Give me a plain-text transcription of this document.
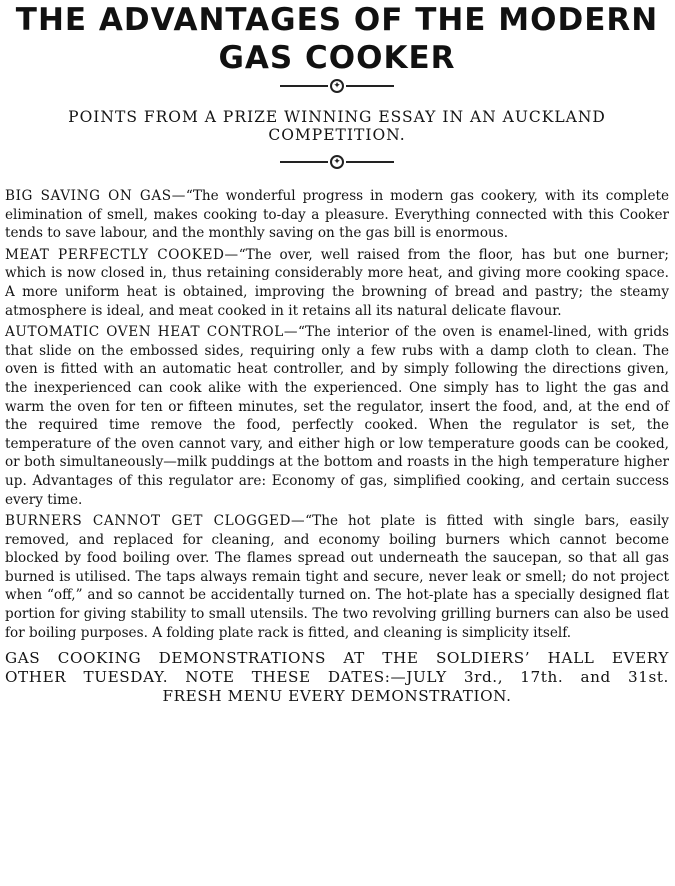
THE ADVANTAGES OF THE MODERN
GAS COOKER
✦

POINTS FROM A PRIZE WINNING ESSAY IN AN AUCKLAND COMPETITION.

✦

BIG SAVING ON GAS—“The wonderful progress in modern gas cookery, with its complete elimination of smell, makes cooking to-day a pleasure. Everything connected with this Cooker tends to save labour, and the monthly saving on the gas bill is enormous.

MEAT PERFECTLY COOKED—“The over, well raised from the floor, has but one burner; which is now closed in, thus retaining considerably more heat, and giving more cooking space. A more uniform heat is obtained, improving the browning of bread and pastry; the steamy atmosphere is ideal, and meat cooked in it retains all its natural delicate flavour.

AUTOMATIC OVEN HEAT CONTROL—“The interior of the oven is enamel-lined, with grids that slide on the embossed sides, requiring only a few rubs with a damp cloth to clean. The oven is fitted with an automatic heat controller, and by simply following the directions given, the inexperienced can cook alike with the experienced. One simply has to light the gas and warm the oven for ten or fifteen minutes, set the regulator, insert the food, and, at the end of the required time remove the food, perfectly cooked. When the regulator is set, the temperature of the oven cannot vary, and either high or low temperature goods can be cooked, or both simultaneously—milk puddings at the bottom and roasts in the high temperature higher up. Advantages of this regulator are: Economy of gas, simplified cooking, and certain success every time.

BURNERS CANNOT GET CLOGGED—“The hot plate is fitted with single bars, easily removed, and replaced for cleaning, and economy boiling burners which cannot become blocked by food boiling over. The flames spread out underneath the saucepan, so that all gas burned is utilised. The taps always remain tight and secure, never leak or smell; do not project when “off,” and so cannot be accidentally turned on. The hot-plate has a specially designed flat portion for giving stability to small utensils. The two revolving grilling burners can also be used for boiling purposes. A folding plate rack is fitted, and cleaning is simplicity itself.

GAS COOKING DEMONSTRATIONS AT THE SOLDIERS’ HALL EVERY
OTHER TUESDAY. NOTE THESE DATES:—JULY 3rd., 17th. and 31st.
FRESH MENU EVERY DEMONSTRATION.
